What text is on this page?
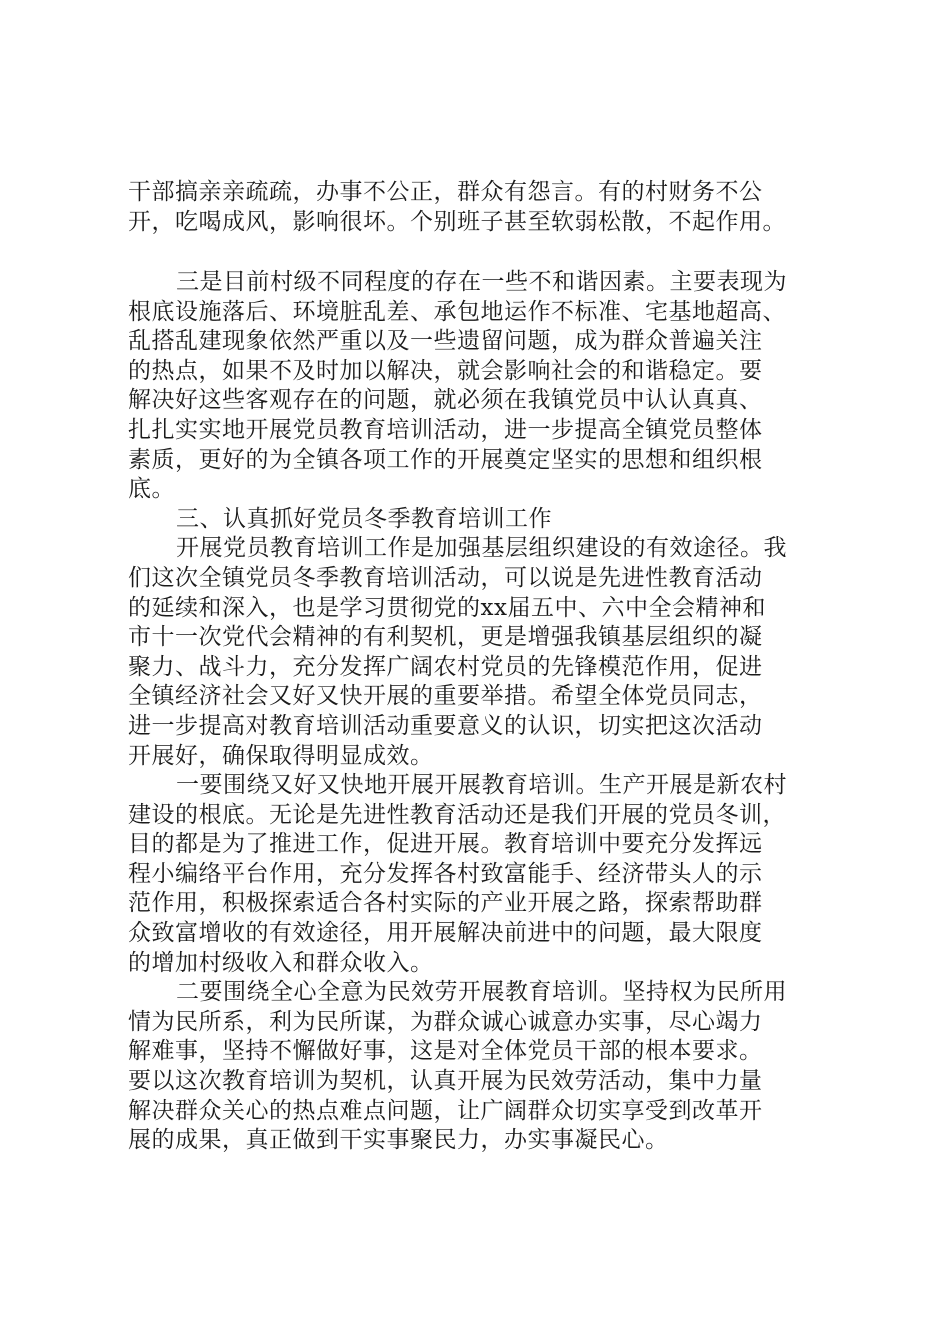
干部搞亲亲疏疏，办事不公正，群众有怨言。有的村财务不公
开，吃喝成风，影响很坏。个别班子甚至软弱松散，不起作用。
三是目前村级不同程度的存在一些不和谐因素。主要表现为
根底设施落后、环境脏乱差、承包地运作不标准、宅基地超高、
乱搭乱建现象依然严重以及一些遗留问题，成为群众普遍关注
的热点，如果不及时加以解决，就会影响社会的和谐稳定。要
解决好这些客观存在的问题，就必须在我镇党员中认认真真、
扎扎实实地开展党员教育培训活动，进一步提高全镇党员整体
素质，更好的为全镇各项工作的开展奠定坚实的思想和组织根
底。
三、认真抓好党员冬季教育培训工作
开展党员教育培训工作是加强基层组织建设的有效途径。我
们这次全镇党员冬季教育培训活动，可以说是先进性教育活动
的延续和深入，也是学习贯彻党的xx届五中、六中全会精神和
市十一次党代会精神的有利契机，更是增强我镇基层组织的凝
聚力、战斗力，充分发挥广阔农村党员的先锋模范作用，促进
全镇经济社会又好又快开展的重要举措。希望全体党员同志，
进一步提高对教育培训活动重要意义的认识，切实把这次活动
开展好，确保取得明显成效。
一要围绕又好又快地开展开展教育培训。生产开展是新农村
建设的根底。无论是先进性教育活动还是我们开展的党员冬训，
目的都是为了推进工作，促进开展。教育培训中要充分发挥远
程小编络平台作用，充分发挥各村致富能手、经济带头人的示
范作用，积极探索适合各村实际的产业开展之路，探索帮助群
众致富增收的有效途径，用开展解决前进中的问题，最大限度
的增加村级收入和群众收入。
二要围绕全心全意为民效劳开展教育培训。坚持权为民所用
情为民所系，利为民所谋，为群众诚心诚意办实事，尽心竭力
解难事，坚持不懈做好事，这是对全体党员干部的根本要求。
要以这次教育培训为契机，认真开展为民效劳活动，集中力量
解决群众关心的热点难点问题，让广阔群众切实享受到改革开
展的成果，真正做到干实事聚民力，办实事凝民心。
